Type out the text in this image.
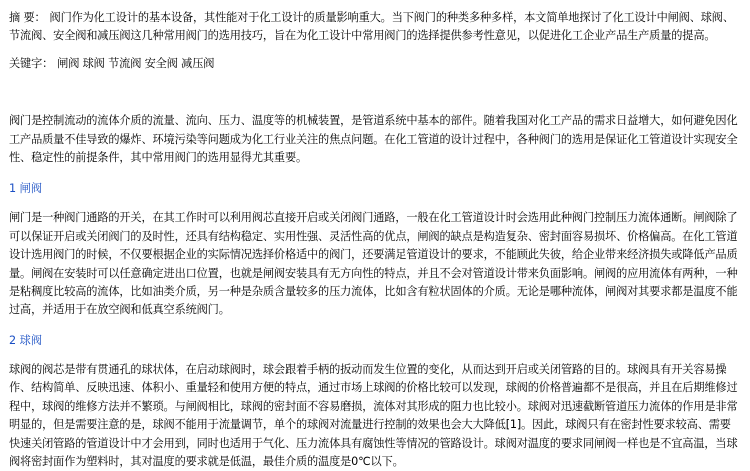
摘 要： 阀门作为化工设计的基本设备，其性能对于化工设计的质量影响重大。当下阀门的种类多种多样，本文简单地探讨了化工设计中闸阀、球阀、节流阀、安全阀和减压阀这几种常用阀门的选用技巧，旨在为化工设计中常用阀门的选择提供参考性意见，以促进化工企业产品生产质量的提高。

关键字： 闸阀 球阀 节流阀 安全阀 减压阀

阀门是控制流动的流体介质的流量、流向、压力、温度等的机械装置，是管道系统中基本的部件。随着我国对化工产品的需求日益增大，如何避免因化工产品质量不佳导致的爆炸、环境污染等问题成为化工行业关注的焦点问题。在化工管道的设计过程中，各种阀门的选用是保证化工管道设计实现安全性、稳定性的前提条件，其中常用阀门的选用显得尤其重要。

1 闸阀

闸门是一种阀门通路的开关，在其工作时可以利用阀芯直接开启或关闭阀门通路，一般在化工管道设计时会选用此种阀门控制压力流体通断。闸阀除了可以保证开启或关闭阀门的及时性，还具有结构稳定、实用性强、灵活性高的优点，闸阀的缺点是构造复杂、密封面容易损坏、价格偏高。在化工管道设计选用阀门的时候，不仅要根据企业的实际情况选择价格适中的阀门，还要满足管道设计的要求，不能顾此失彼，给企业带来经济损失或降低产品质量。闸阀在安装时可以任意确定进出口位置，也就是闸阀安装具有无方向性的特点，并且不会对管道设计带来负面影响。闸阀的应用流体有两种，一种是粘稠度比较高的流体，比如油类介质，另一种是杂质含量较多的压力流体，比如含有粒状固体的介质。无论是哪种流体，闸阀对其要求都是温度不能过高，并适用于在放空阀和低真空系统阀门。

2 球阀

球阀的阀芯是带有贯通孔的球状体，在启动球阀时，球会跟着手柄的扳动而发生位置的变化，从而达到开启或关闭管路的目的。球阀具有开关容易操作、结构简单、反映迅速、体积小、重量轻和使用方便的特点，通过市场上球阀的价格比较可以发现，球阀的价格普遍都不是很高，并且在后期维修过程中，球阀的维修方法并不繁琐。与闸阀相比，球阀的密封面不容易磨损，流体对其形成的阻力也比较小。球阀对迅速截断管道压力流体的作用是非常明显的，但是需要注意的是，球阀不能用于流量调节，单个的球阀对流量进行控制的效果也会大大降低[1]。因此，球阀只有在密封性要求较高、需要快速关闭管路的管道设计中才会用到，同时也适用于气化、压力流体具有腐蚀性等情况的管路设计。球阀对温度的要求同闸阀一样也是不宜高温，当球阀将密封面作为塑料时，其对温度的要求就是低温，最佳介质的温度是0℃以下。
